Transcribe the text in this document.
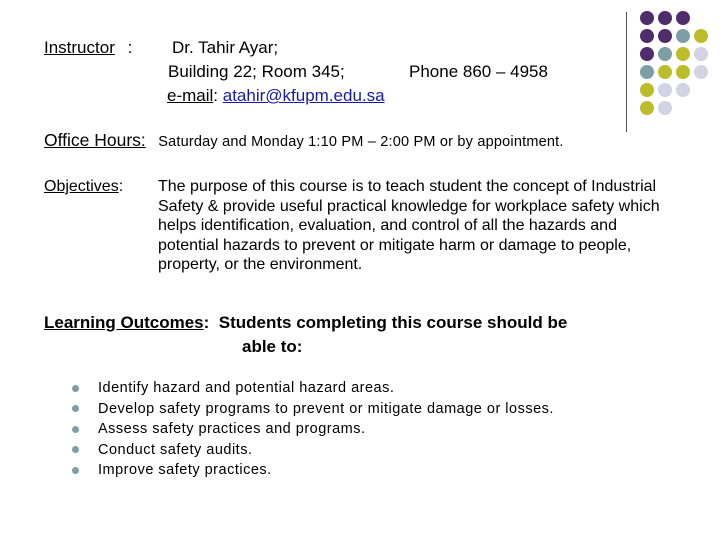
Instructor : Dr. Tahir Ayar;
Building 22; Room 345;	Phone 860 – 4958
e-mail: atahir@kfupm.edu.sa
Office Hours: Saturday and Monday 1:10 PM – 2:00 PM or by appointment.
Objectives: The purpose of this course is to teach student the concept of Industrial Safety & provide useful practical knowledge for workplace safety which helps identification, evaluation, and control of all the hazards and potential hazards to prevent or mitigate harm or damage to people, property, or the environment.
Learning Outcomes:  Students completing this course should be
able to:
Identify hazard and potential hazard areas.
Develop safety programs to prevent or mitigate damage or losses.
Assess safety practices and programs.
Conduct safety audits.
Improve safety practices.
